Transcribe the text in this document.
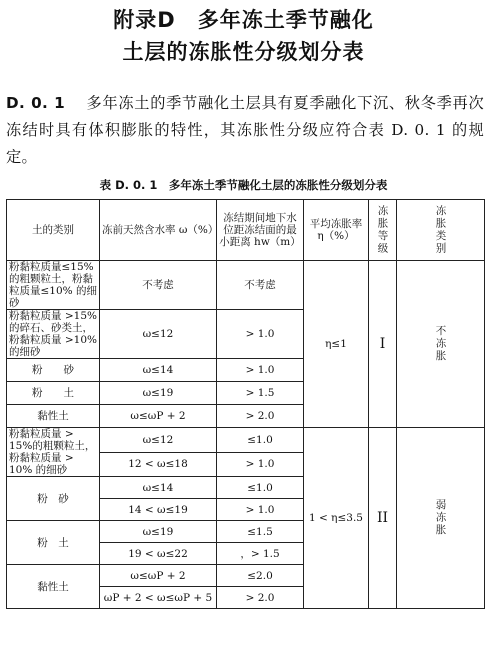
附录D　多年冻土季节融化
土层的冻胀性分级划分表
D. 0. 1 　 多年冻土的季节融化土层具有夏季融化下沉、秋冬季再次冻结时具有体积膨胀的特性，其冻胀性分级应符合表 D. 0. 1 的规定。
表 D. 0. 1　多年冻土季节融化土层的冻胀性分级划分表
土的类别	冻前天然含水率 ω（%）	冻结期间地下水位距冻结面的最小距离 hw（m）	平均冻胀率 η（%）	冻胀等级	冻胀类别

粉黏粒质量≤15%的粗颗粒土，粉黏粒质量≤10% 的细砂	不考虑	不考虑	η≤1	I	不冻胀

粉黏粒质量 >15%的碎石、砂类土，粉黏粒质量 >10% 的细砂	ω≤12	> 1.0			
粉　　砂	ω≤14	> 1.0			
粉　　土	ω≤19	> 1.5			
黏性土	ω≤ωP + 2	> 2.0			
粉黏粒质量 > 15%的粗颗粒土，粉黏粒质量 > 10% 的细砂	ω≤12	≤1.0	1 < η≤3.5	II	弱冻胀

	12 < ω≤18	> 1.0			
粉　砂	ω≤14	≤1.0			
	14 < ω≤19	> 1.0			
粉　土	ω≤19	≤1.5			
	19 < ω≤22	，> 1.5			
黏性土	ω≤ωP + 2	≤2.0			
	ωP + 2 < ω≤ωP + 5	> 2.0			
